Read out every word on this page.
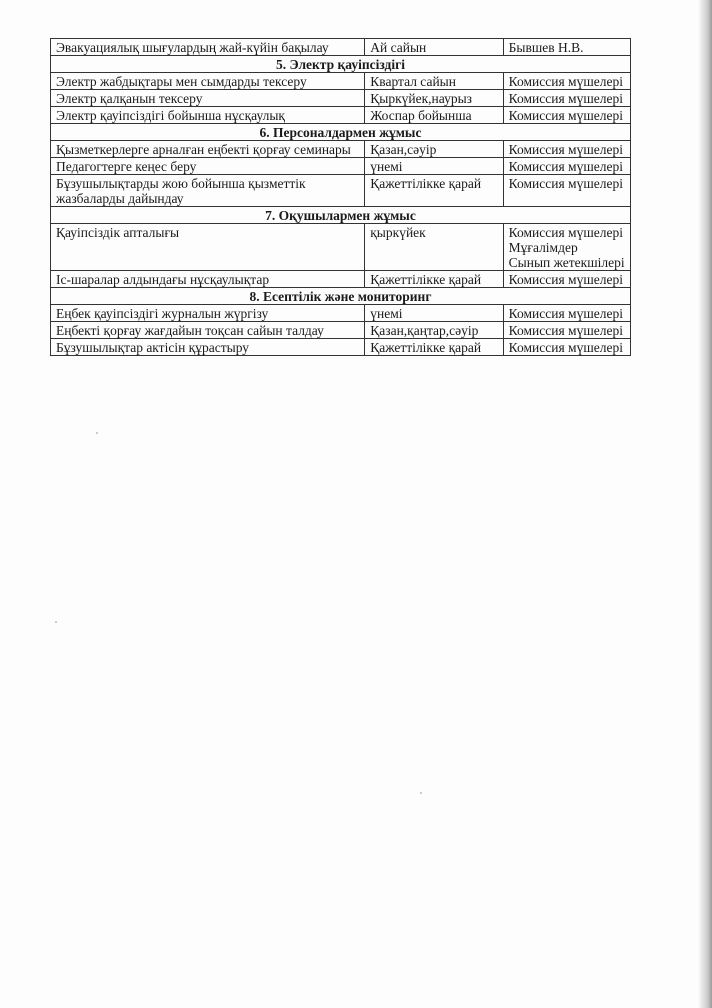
Эвакуациялық шығулардың жай-күйін бақылау	Ай сайын	Бывшев Н.В.

5. Электр қауіпсіздігі		
Электр жабдықтары мен сымдарды тексеру	Квартал сайын	Комиссия мүшелері

Электр қалқанын тексеру	Қыркүйек,наурыз	Комиссия мүшелері

Электр қауіпсіздігі бойынша нұсқаулық	Жоспар бойынша	Комиссия мүшелері

6. Персоналдармен жұмыс		
Қызметкерлерге арналған еңбекті қорғау семинары	Қазан,сәуір	Комиссия мүшелері

Педагогтерге кеңес беру	үнемі	Комиссия мүшелері

Бұзушылықтарды жою бойынша қызметтік жазбаларды дайындау	Қажеттілікке қарай	Комиссия мүшелері

7. Оқушылармен жұмыс		
Қауіпсіздік апталығы	қыркүйек	Комиссия мүшелері
Мұғалімдер
Сынып жетекшілері

Іс-шаралар алдындағы нұсқаулықтар	Қажеттілікке қарай	Комиссия мүшелері

8. Есептілік және мониторинг		
Еңбек қауіпсіздігі журналын жүргізу	үнемі	Комиссия мүшелері

Еңбекті қорғау жағдайын тоқсан сайын талдау	Қазан,қаңтар,сәуір	Комиссия мүшелері

Бұзушылықтар актісін құрастыру	Қажеттілікке қарай	Комиссия мүшелері
